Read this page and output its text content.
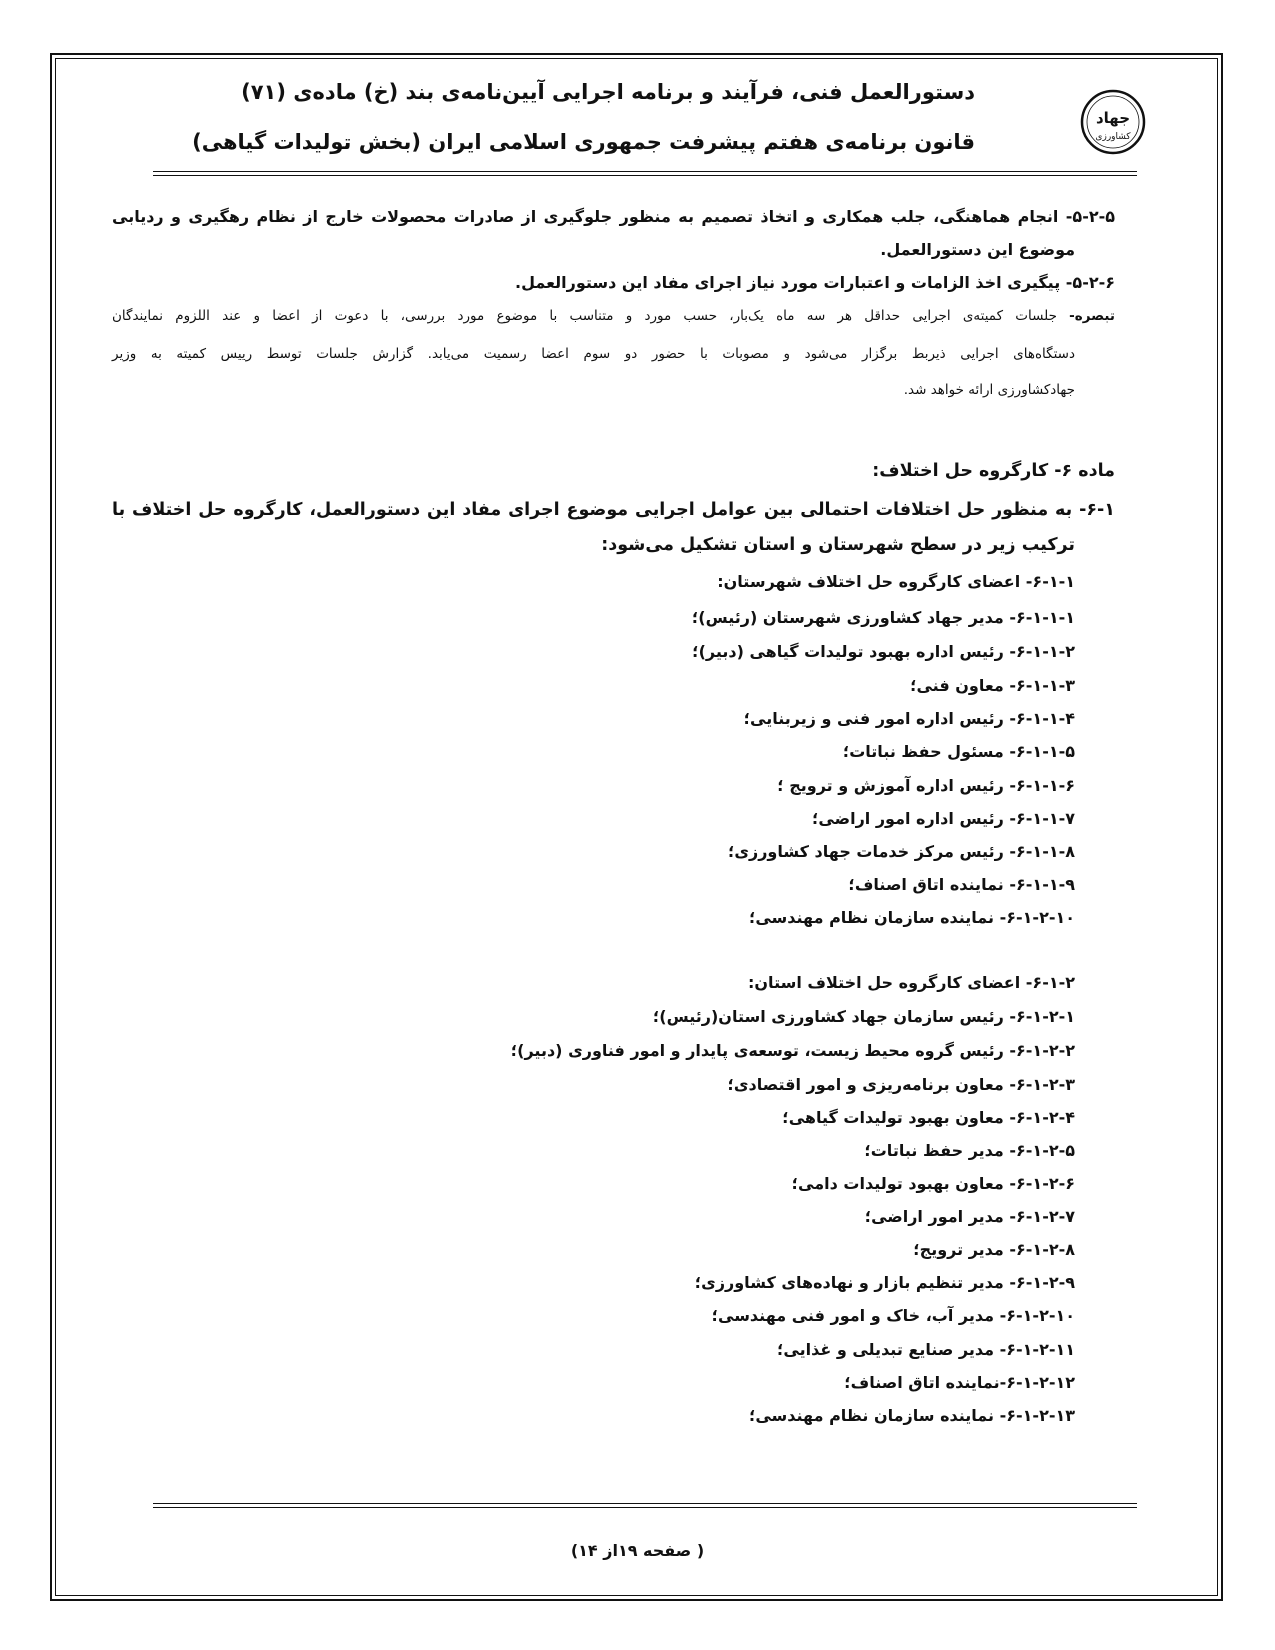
جهاد
کشاورزی
دستورالعمل فنی، فرآیند و برنامه اجرایی آیین‌نامه‌ی بند (خ) ماده‌ی (۷۱)
قانون برنامه‌ی هفتم پیشرفت جمهوری اسلامی ایران (بخش تولیدات گیاهی)
۵-۲-۵- انجام هماهنگی، جلب همکاری و اتخاذ تصمیم به منظور جلوگیری از صادرات محصولات خارج از نظام رهگیری و ردیابی
موضوع این دستورالعمل.
۵-۲-۶- پیگیری اخذ الزامات و اعتبارات مورد نیاز اجرای مفاد این دستورالعمل.
تبصره- جلسات کمیته‌ی اجرایی حداقل هر سه ماه یک‌بار، حسب مورد و متناسب با موضوع مورد بررسی، با دعوت از اعضا و عند اللزوم نمایندگان
دستگاه‌های اجرایی ذیربط برگزار می‌شود و مصوبات با حضور دو سوم اعضا رسمیت می‌یابد. گزارش جلسات توسط رییس کمیته به وزیر
جهادکشاورزی ارائه خواهد شد.
ماده ۶- کارگروه حل اختلاف:
۶-۱- به منظور حل اختلافات احتمالی بین عوامل اجرایی موضوع اجرای مفاد این دستورالعمل، کارگروه حل اختلاف با
ترکیب زیر در سطح شهرستان و استان تشکیل می‌شود:
۶-۱-۱- اعضای کارگروه حل اختلاف شهرستان:
۶-۱-۱-۱- مدیر جهاد کشاورزی شهرستان (رئیس)؛
۶-۱-۱-۲- رئیس اداره بهبود تولیدات گیاهی (دبیر)؛
۶-۱-۱-۳- معاون فنی؛
۶-۱-۱-۴- رئیس اداره امور فنی و زیربنایی؛
۶-۱-۱-۵- مسئول حفظ نباتات؛
۶-۱-۱-۶- رئیس اداره آموزش و ترویج ؛
۶-۱-۱-۷- رئیس اداره امور اراضی؛
۶-۱-۱-۸- رئیس مرکز خدمات جهاد کشاورزی؛
۶-۱-۱-۹- نماینده اتاق اصناف؛
۶-۱-۲-۱۰- نماینده سازمان نظام مهندسی؛
۶-۱-۲- اعضای کارگروه حل اختلاف استان:
۶-۱-۲-۱- رئیس سازمان جهاد کشاورزی استان(رئیس)؛
۶-۱-۲-۲- رئیس گروه محیط زیست، توسعه‌ی پایدار و امور فناوری (دبیر)؛
۶-۱-۲-۳- معاون برنامه‌ریزی و امور اقتصادی؛
۶-۱-۲-۴- معاون بهبود تولیدات گیاهی؛
۶-۱-۲-۵- مدیر حفظ نباتات؛
۶-۱-۲-۶- معاون بهبود تولیدات دامی؛
۶-۱-۲-۷- مدیر امور اراضی؛
۶-۱-۲-۸- مدیر ترویج؛
۶-۱-۲-۹- مدیر تنظیم بازار و نهاده‌های کشاورزی؛
۶-۱-۲-۱۰- مدیر آب، خاک و امور فنی مهندسی؛
۶-۱-۲-۱۱- مدیر صنایع تبدیلی و غذایی؛
۶-۱-۲-۱۲-نماینده اتاق اصناف؛
۶-۱-۲-۱۳- نماینده سازمان نظام مهندسی؛
( صفحه ۱۹از ۱۴)
